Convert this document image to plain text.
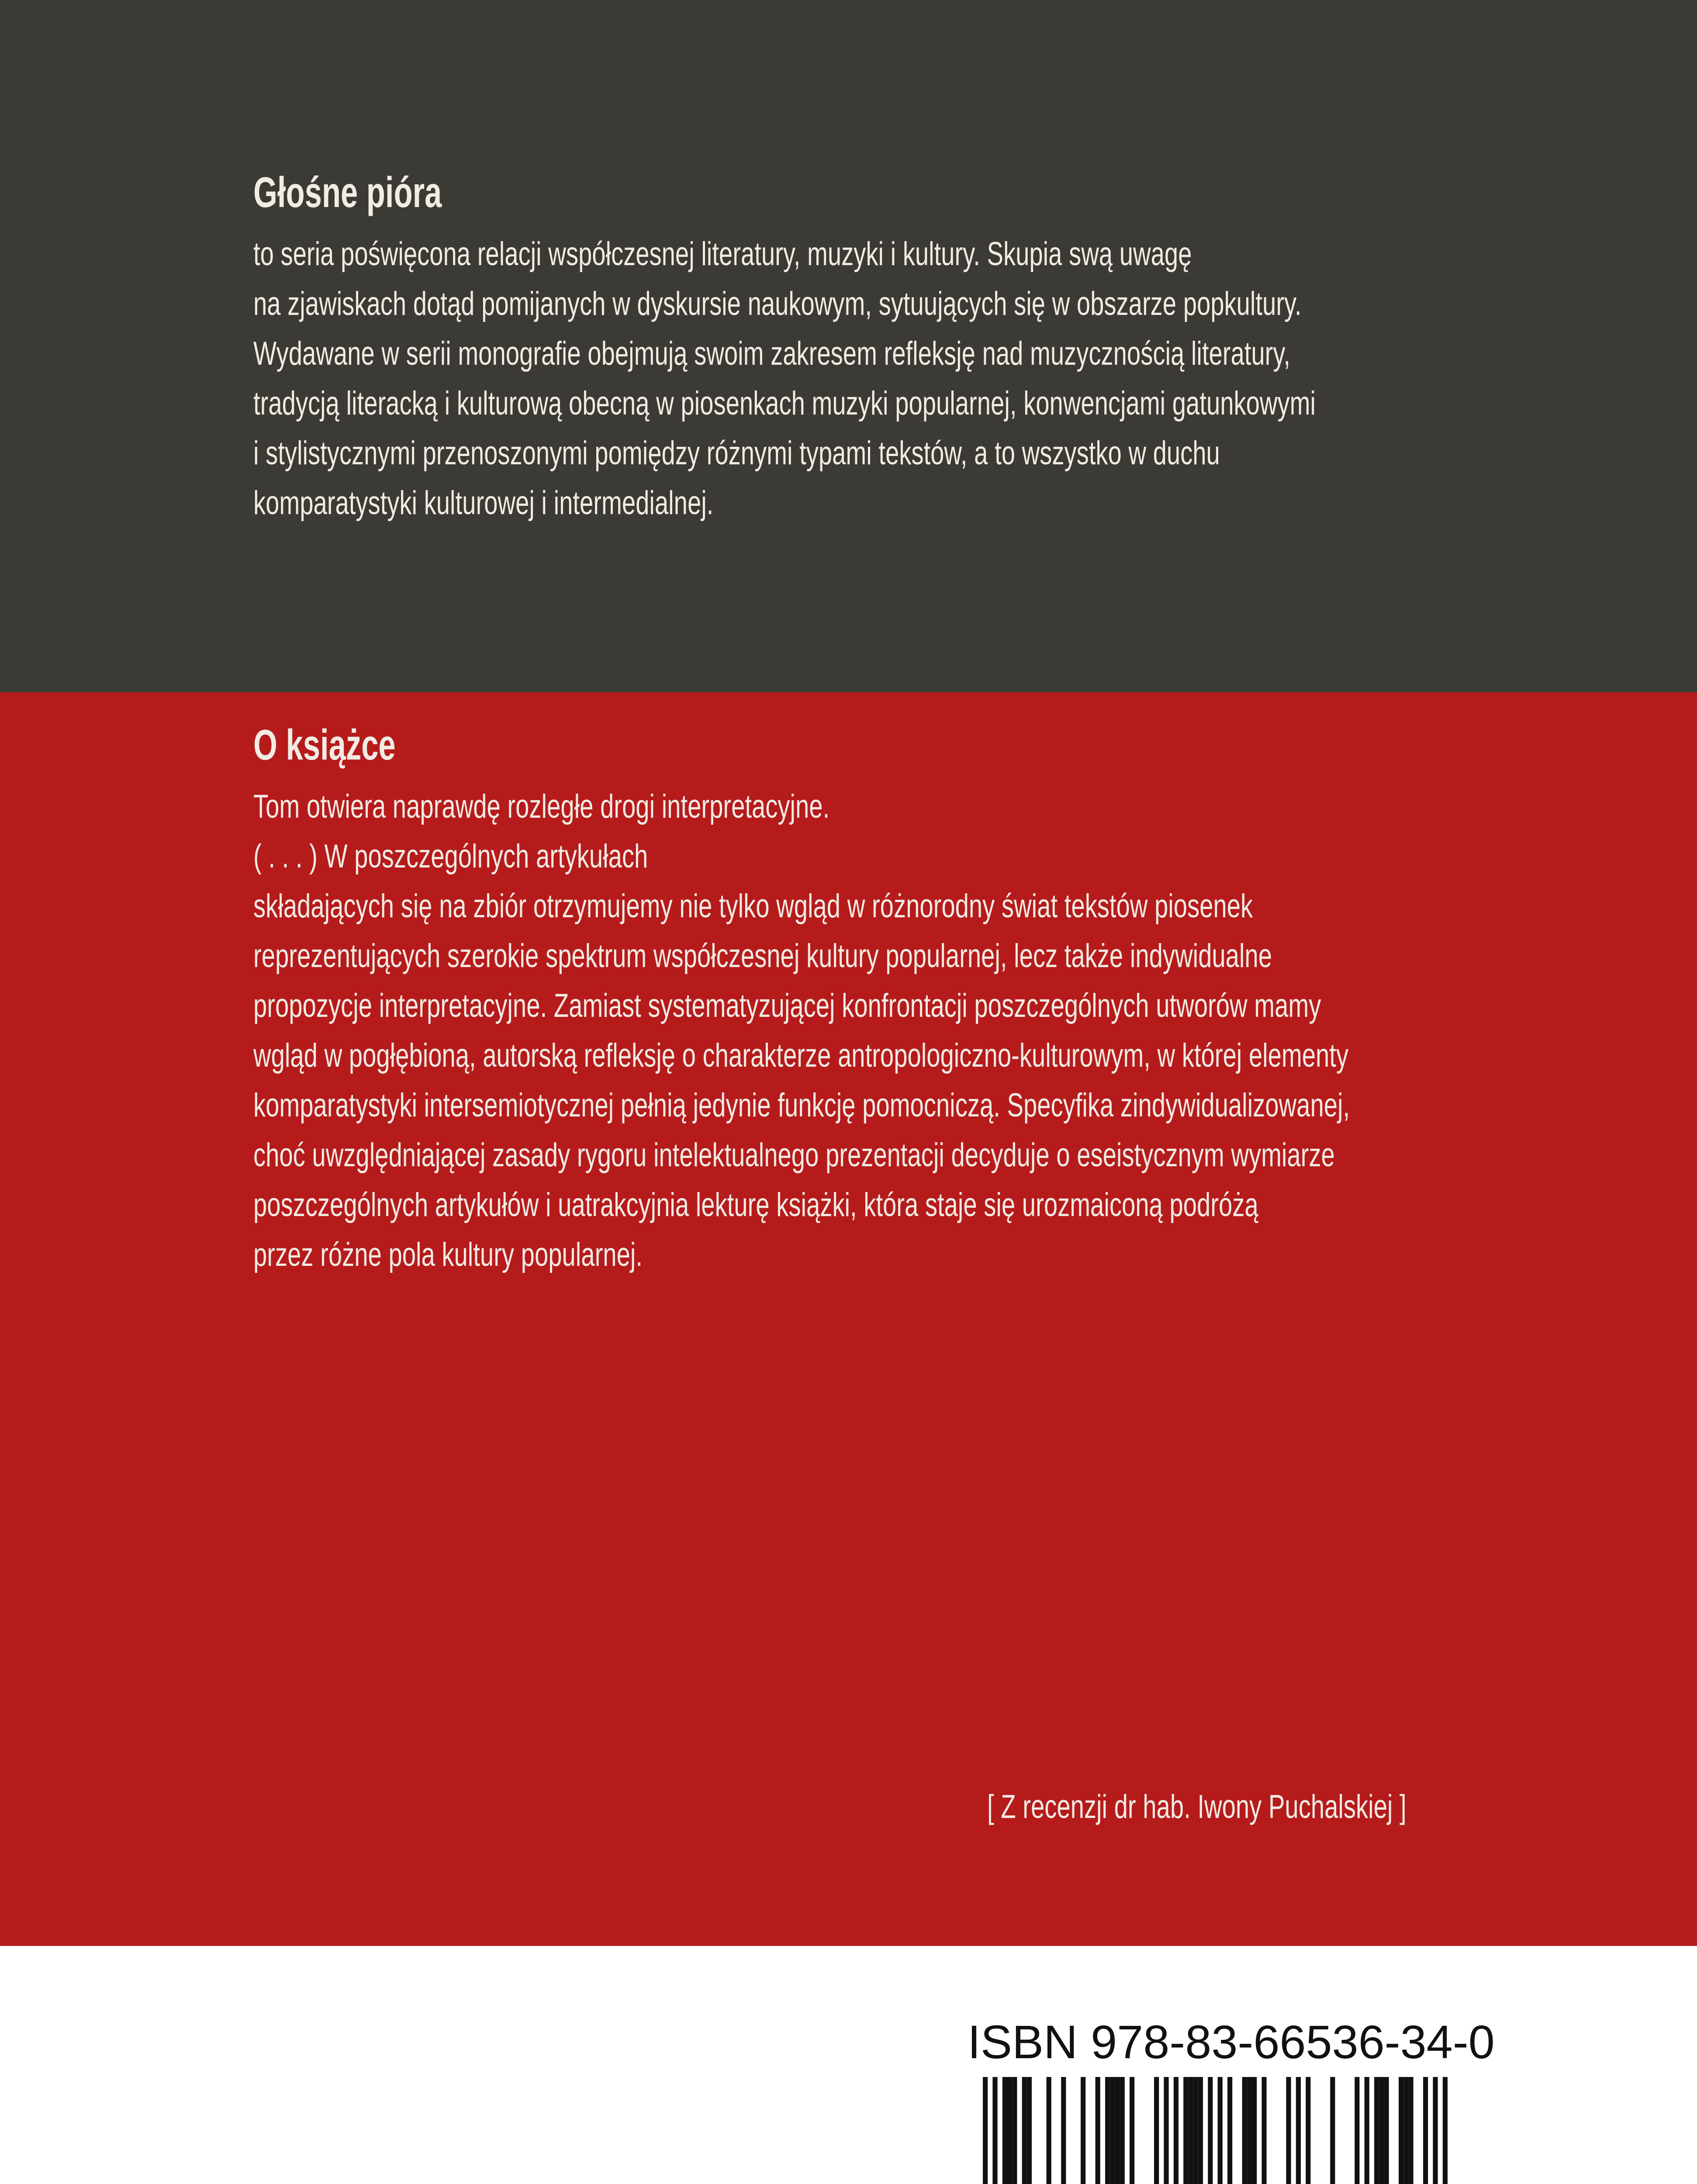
Głośne pióra
to seria poświęcona relacji współczesnej literatury, muzyki i kultury. Skupia swą uwagę
na zjawiskach dotąd pomijanych w dyskursie naukowym, sytuujących się w obszarze popkultury.
Wydawane w serii monografie obejmują swoim zakresem refleksję nad muzycznością literatury,
tradycją literacką i kulturową obecną w piosenkach muzyki popularnej, konwencjami gatunkowymi
i stylistycznymi przenoszonymi pomiędzy różnymi typami tekstów, a to wszystko w duchu
komparatystyki kulturowej i intermedialnej.
O książce
Tom otwiera naprawdę rozległe drogi interpretacyjne.
( . . . ) W poszczególnych artykułach
składających się na zbiór otrzymujemy nie tylko wgląd w różnorodny świat tekstów piosenek
reprezentujących szerokie spektrum współczesnej kultury popularnej, lecz także indywidualne
propozycje interpretacyjne. Zamiast systematyzującej konfrontacji poszczególnych utworów mamy
wgląd w pogłębioną, autorską refleksję o charakterze antropologiczno-kulturowym, w której elementy
komparatystyki intersemiotycznej pełnią jedynie funkcję pomocniczą. Specyfika zindywidualizowanej,
choć uwzględniającej zasady rygoru intelektualnego prezentacji decyduje o eseistycznym wymiarze
poszczególnych artykułów i uatrakcyjnia lekturę książki, która staje się urozmaiconą podróżą
przez różne pola kultury popularnej.
[ Z recenzji dr hab. Iwony Puchalskiej ]
ISBN 978-83-66536-34-0
